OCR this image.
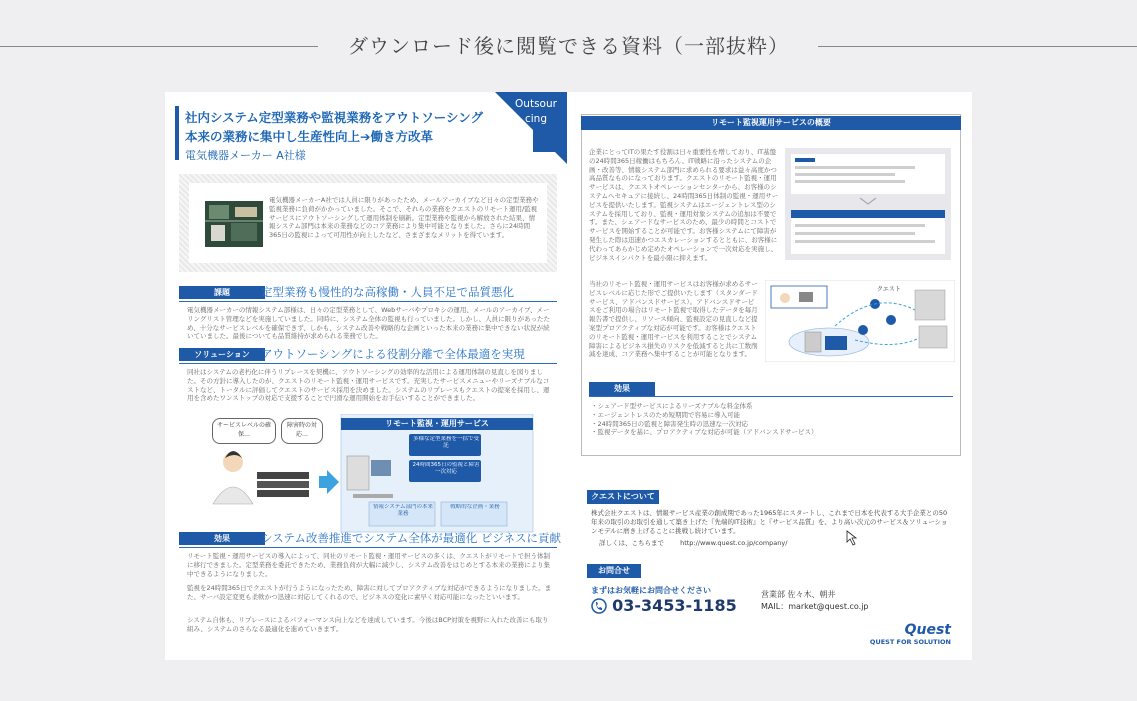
ダウンロード後に閲覧できる資料（一部抜粋）
社内システム定型業務や監視業務をアウトソーシング
本来の業務に集中し生産性向上➔働き方改革
電気機器メーカー A社様
Outsourcing
電気機器メーカーA社では人員に限りがあったため、メールアーカイブなど日々の定型業務や監視業務に負荷がかかっていました。そこで、それらの業務をクエストのリモート運用/監視サービスにアウトソーシングして運用体制を刷新。定型業務や監視から解放された結果、情報システム部門は本来の業務などのコア業務により集中可能となりました。さらに24時間365日の監視によって可用性が向上したなど、さまざまなメリットを得ています。
課題	定型業務も慢性的な高稼働・人員不足で品質悪化
電気機器メーカーの情報システム部様は、日々の定型業務として、Webサーバやプロキシの運用、メールのアーカイブ、メーリングリスト管理などを実施していました。同時に、システム全体の監視も行っていました。しかし、人員に限りがあったため、十分なサービスレベルを確保できず、しかも、システム改善や戦略的な企画といった本来の業務に集中できない状況が続いていました。最後についても品質維持が求められる業務でした。
ソリューション アウトソーシングによる役割分離で全体最適を実現
同社はシステムの老朽化に伴うリプレースを契機に、アウトソーシングの効率的な活用による運用体制の見直しを図りました。その方針に導入したのが、クエストのリモート監視・運用サービスです。充実したサービスメニューやリーズナブルなコストなど、トータルに評価してクエストのサービス採用を決めました。システムのリプレースもクエストの提案を採用し、運用を含めたワンストップの対応で支援することで円滑な運用開始をお手伝いすることができました。
サービスレベルの確保…
障害時の対応…
リモート監視・運用サービス
多様な定型業務を一括で受託
24時間365日の監視と障害一次対応
情報システム部門の本来業務
戦略的な企画・業務
効果	システム改善推進でシステム全体が最適化 ビジネスに貢献
リモート監視・運用サービスの導入によって、同社のリモート監視・運用サービスの多くは、クエストがリモートで担う体制に移行できました。定型業務を委託できたため、業務負荷が大幅に減少し、システム改善をはじめとする本来の業務により集中できるようになりました。
監視を24時間365日でクエストが行うようになったため、障害に対してプロアクティブな対応ができるようになりました。また、サーバ設定変更も柔軟かつ迅速に対応してくれるので、ビジネスの変化に素早く対応可能になったといいます。
システム自体も、リプレースによるパフォーマンス向上などを達成しています。今後はBCP対策を視野に入れた改善にも取り組み、システムのさらなる最適化を進めていきます。
リモート監視運用サービスの概要
企業にとってITの果たす役割は日々重要性を増しており、IT基盤の24時間365日稼働はもちろん、IT戦略に沿ったシステムの企画・改善等、情報システム部門に求められる要求は益々高度かつ高品質なものになっております。クエストのリモート監視・運用サービスは、クエストオペレーションセンターから、お客様のシステムへセキュアに接続し、24時間365日体制の監視・運用サービスを提供いたします。監視システムはエージェントレス型のシステムを採用しており、監視・運用対象システムの追加は不要です。また、シェアードなサービスのため、最少の時間とコストでサービスを開始することが可能です。お客様システムにて障害が発生した際は迅速かつエスカレーションするとともに、お客様に代わってあらかじめ定めたオペレーションで一次対応を実施し、ビジネスインパクトを最小限に抑えます。
当社のリモート監視・運用サービスはお客様が求めるサービスレベルに応じた形でご提供いたします（スタンダードサービス、アドバンスドサービス）。アドバンスドサービスをご利用の場合はリモート監視で取得したデータを毎月報告書で提供し、リソース傾向、監視設定の見直しなど提案型プロアクティブな対応が可能です。お客様はクエストのリモート監視・運用サービスを利用することでシステム障害によるビジネス損失のリスクを低減すると共に工数削減を達成、コア業務へ集中することが可能となります。
クエスト
効果
・シェアード型サービスによるリーズナブルな料金体系
・エージェントレスのため短期間で容易に導入可能
・24時間365日の監視と障害発生時の迅速な一次対応
・監視データを基に、プロアクティブな対応が可能（アドバンスドサービス）
クエストについて
株式会社クエストは、情報サービス産業の創成期であった1965年にスタートし、これまで日本を代表する大手企業との50年来の取引のお取引を通して築き上げた『先端的IT技術』と『サービス品質』を、より高い次元のサービス＆ソリューションモデルに磨き上げることに挑戦し続けています。
詳しくは、こちらまで http://www.quest.co.jp/company/
お問合せ
まずはお気軽にお問合せください
03-3453-1185
営業部 佐々木、朝井
MAIL：market@quest.co.jp
Quest
QUEST FOR SOLUTION
